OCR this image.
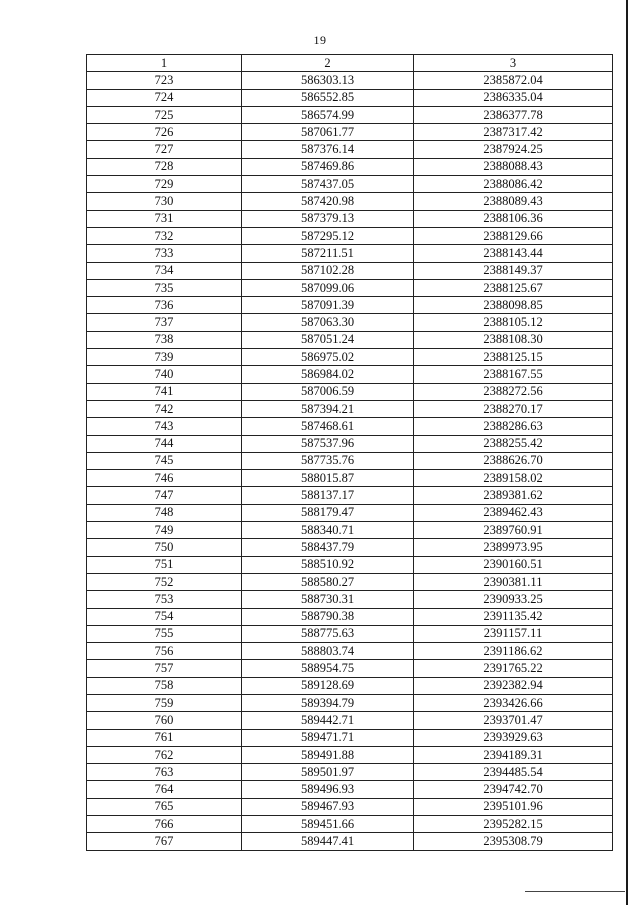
19
1	2	3
723	586303.13	2385872.04
724	586552.85	2386335.04
725	586574.99	2386377.78
726	587061.77	2387317.42
727	587376.14	2387924.25
728	587469.86	2388088.43
729	587437.05	2388086.42
730	587420.98	2388089.43
731	587379.13	2388106.36
732	587295.12	2388129.66
733	587211.51	2388143.44
734	587102.28	2388149.37
735	587099.06	2388125.67
736	587091.39	2388098.85
737	587063.30	2388105.12
738	587051.24	2388108.30
739	586975.02	2388125.15
740	586984.02	2388167.55
741	587006.59	2388272.56
742	587394.21	2388270.17
743	587468.61	2388286.63
744	587537.96	2388255.42
745	587735.76	2388626.70
746	588015.87	2389158.02
747	588137.17	2389381.62
748	588179.47	2389462.43
749	588340.71	2389760.91
750	588437.79	2389973.95
751	588510.92	2390160.51
752	588580.27	2390381.11
753	588730.31	2390933.25
754	588790.38	2391135.42
755	588775.63	2391157.11
756	588803.74	2391186.62
757	588954.75	2391765.22
758	589128.69	2392382.94
759	589394.79	2393426.66
760	589442.71	2393701.47
761	589471.71	2393929.63
762	589491.88	2394189.31
763	589501.97	2394485.54
764	589496.93	2394742.70
765	589467.93	2395101.96
766	589451.66	2395282.15
767	589447.41	2395308.79
